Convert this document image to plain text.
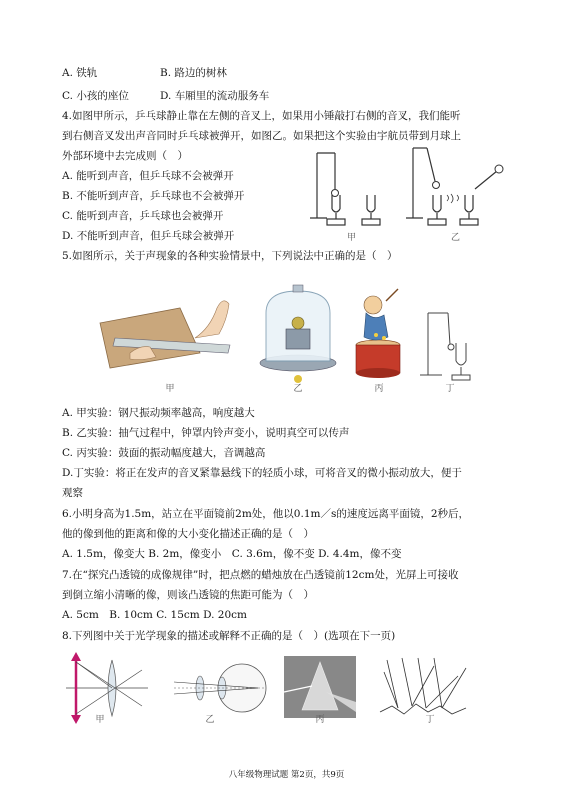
A. 铁轨	B. 路边的树林
C. 小孩的座位	D. 车厢里的流动服务车
4.如图甲所示，乒乓球静止靠在左侧的音叉上，如果用小锤敲打右侧的音叉，我们能听
到右侧音叉发出声音同时乒乓球被弹开，如图乙。如果把这个实验由宇航员带到月球上
外部环境中去完成则（　）
A. 能听到声音，但乒乓球不会被弹开
B. 不能听到声音，乒乓球也不会被弹开
C. 能听到声音，乒乓球也会被弹开
D. 不能听到声音，但乒乓球会被弹开	甲	乙
5.如图所示，关于声现象的各种实验情景中，下列说法中正确的是（　）
甲	乙	丙	丁
A. 甲实验：钢尺振动频率越高，响度越大
B. 乙实验：抽气过程中，钟罩内铃声变小，说明真空可以传声
C. 丙实验：鼓面的振动幅度越大，音调越高
D.丁实验：将正在发声的音叉紧靠悬线下的轻质小球，可将音叉的微小振动放大，便于
观察
6.小明身高为1.5m，站立在平面镜前2m处，他以0.1m／s的速度远离平面镜，2秒后，
他的像到他的距离和像的大小变化描述正确的是（　）
A. 1.5m，像变大 B. 2m，像变小　C. 3.6m，像不变 D. 4.4m，像不变
7.在“探究凸透镜的成像规律”时，把点燃的蜡烛放在凸透镜前12cm处，光屏上可接收
到倒立缩小清晰的像，则该凸透镜的焦距可能为（　）
A. 5cm　B. 10cm C. 15cm D. 20cm
8.下列图中关于光学现象的描述或解释不正确的是（　）(选项在下一页)
甲	乙	丙	丁
八年级物理试题 第2页，共9页
